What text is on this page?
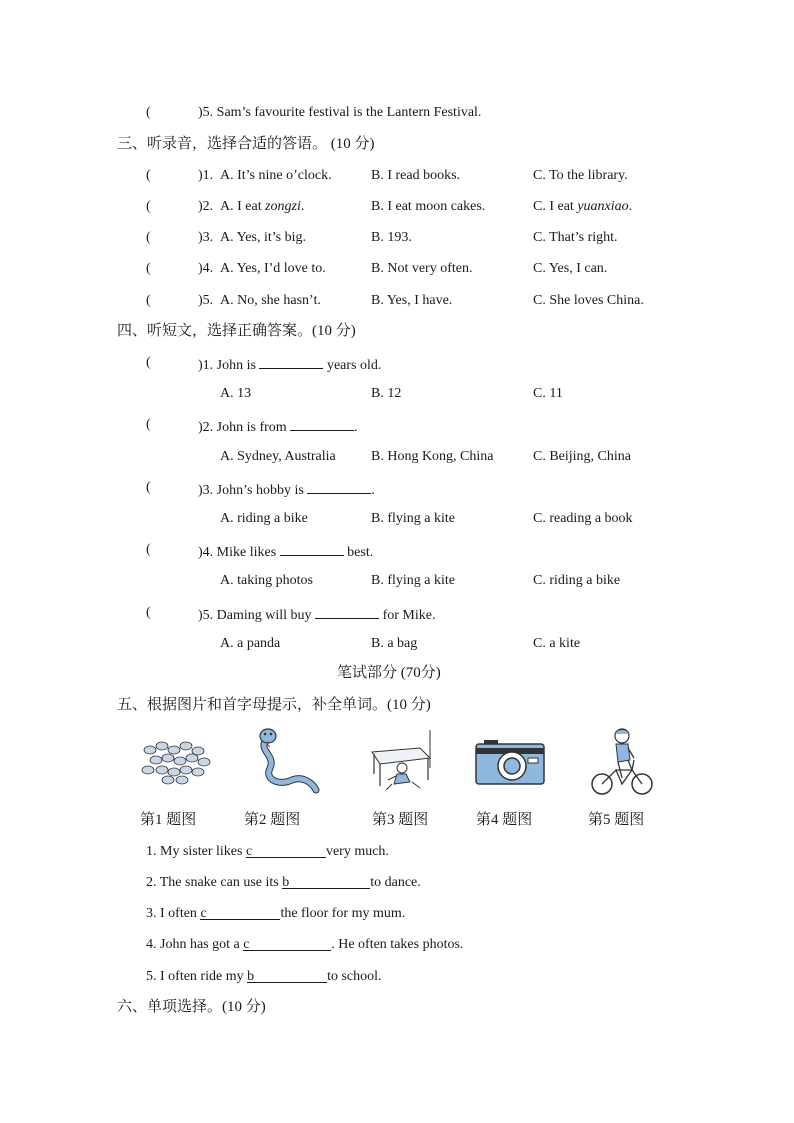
(	)5. Sam’s favourite festival is the Lantern Festival.
三、听录音，选择合适的答语。 (10 分)
(	)1. A. It’s nine o’clock.	B. I read books.	C. To the library.
(	)2. A. I eat zongzi.	B. I eat moon cakes.	C. I eat yuanxiao.
(	)3. A. Yes, it’s big.	B. 193.	C. That’s right.
(	)4. A. Yes, I’d love to.	B. Not very often.	C. Yes, I can.
(	)5. A. No, she hasn’t.	B. Yes, I have.	C. She loves China.
四、听短文，选择正确答案。(10 分)
(	)1. John is	years old.
A. 13	B. 12	C. 11
(	)2. John is from	.
A. Sydney, Australia	B. Hong Kong, China	C. Beijing, China
(	)3. John’s hobby is	.
A. riding a bike	B. flying a kite	C. reading a book
(	)4. Mike likes	best.
A. taking photos	B. flying a kite	C. riding a bike
(	)5. Daming will buy	for Mike.
A. a panda	B. a bag	C. a kite
笔试部分 (70分)
五、根据图片和首字母提示，补全单词。(10 分)
第1 题图	第2 题图	第3 题图	第4 题图	第5 题图
1. My sister likes c	very much.
2. The snake can use its b	to dance.
3. I often c	the floor for my mum.
4. John has got a c	. He often takes photos.
5. I often ride my b	to school.
六、单项选择。(10 分)
